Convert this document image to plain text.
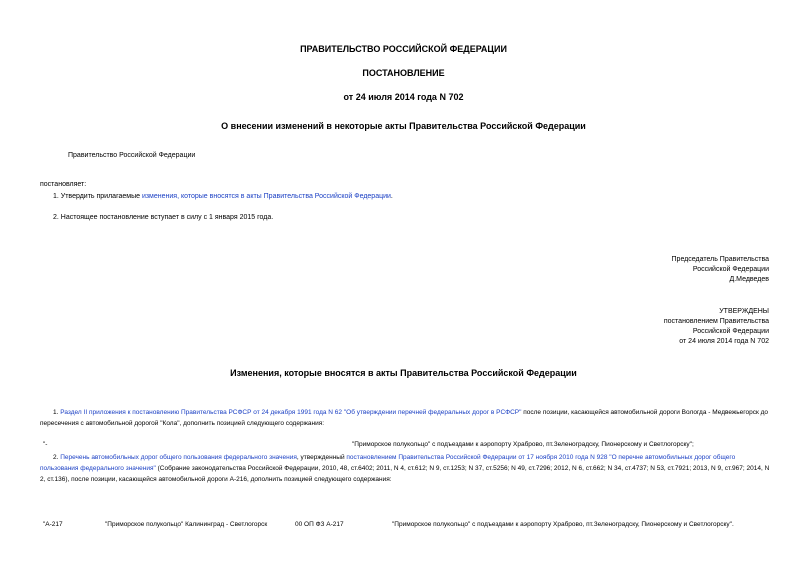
ПРАВИТЕЛЬСТВО РОССИЙСКОЙ ФЕДЕРАЦИИ
ПОСТАНОВЛЕНИЕ
от 24 июля 2014 года N 702
О внесении изменений в некоторые акты Правительства Российской Федерации
Правительство Российской Федерации
постановляет:
1. Утвердить прилагаемые изменения, которые вносятся в акты Правительства Российской Федерации.
2. Настоящее постановление вступает в силу с 1 января 2015 года.
Председатель Правительства
Российской Федерации
Д.Медведев
УТВЕРЖДЕНЫ
постановлением Правительства
Российской Федерации
от 24 июля 2014 года N 702
Изменения, которые вносятся в акты Правительства Российской Федерации
1. Раздел II приложения к постановлению Правительства РСФСР от 24 декабря 1991 года N 62 "Об утверждении перечней федеральных дорог в РСФСР" после позиции, касающейся автомобильной дороги Вологда - Медвежьегорск до пересечения с автомобильной дорогой "Кола", дополнить позицией следующего содержания:
"-	"Приморское полукольцо" с подъездами к аэропорту Храброво, пт.Зеленоградску, Пионерскому и Светлогорску";
2. Перечень автомобильных дорог общего пользования федерального значения, утвержденный постановлением Правительства Российской Федерации от 17 ноября 2010 года N 928 "О перечне автомобильных дорог общего пользования федерального значения" (Собрание законодательства Российской Федерации, 2010, 48, ст.6402; 2011, N 4, ст.612; N 9, ст.1253; N 37, ст.5256; N 49, ст.7296; 2012, N 6, ст.662; N 34, ст.4737; N 53, ст.7921; 2013, N 9, ст.967; 2014, N 2, ст.136), после позиции, касающейся автомобильной дороги А-216, дополнить позицией следующего содержания:
"А-217	"Приморское полукольцо" Калининград - Светлогорск	00 ОП ФЗ А-217	"Приморское полукольцо" с подъездами к аэропорту Храброво, пт.Зеленоградску, Пионерскому и Светлогорску".
